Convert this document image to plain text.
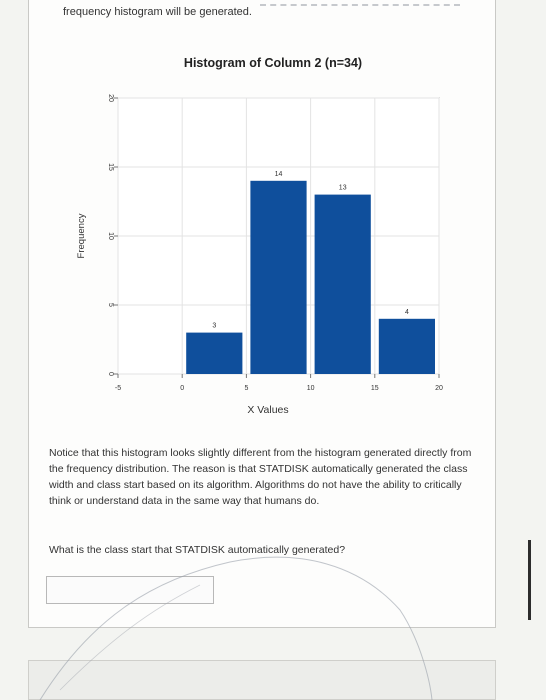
frequency histogram will be generated.
Histogram of Column 2 (n=34)
3
14
13
4
-5	0	5	10	15	20
0
5
10
15
20
X Values
Frequency
Notice that this histogram looks slightly different from the histogram generated directly from the frequency distribution. The reason is that STATDISK automatically generated the class width and class start based on its algorithm. Algorithms do not have the ability to critically think or understand data in the same way that humans do.
What is the class start that STATDISK automatically generated?
